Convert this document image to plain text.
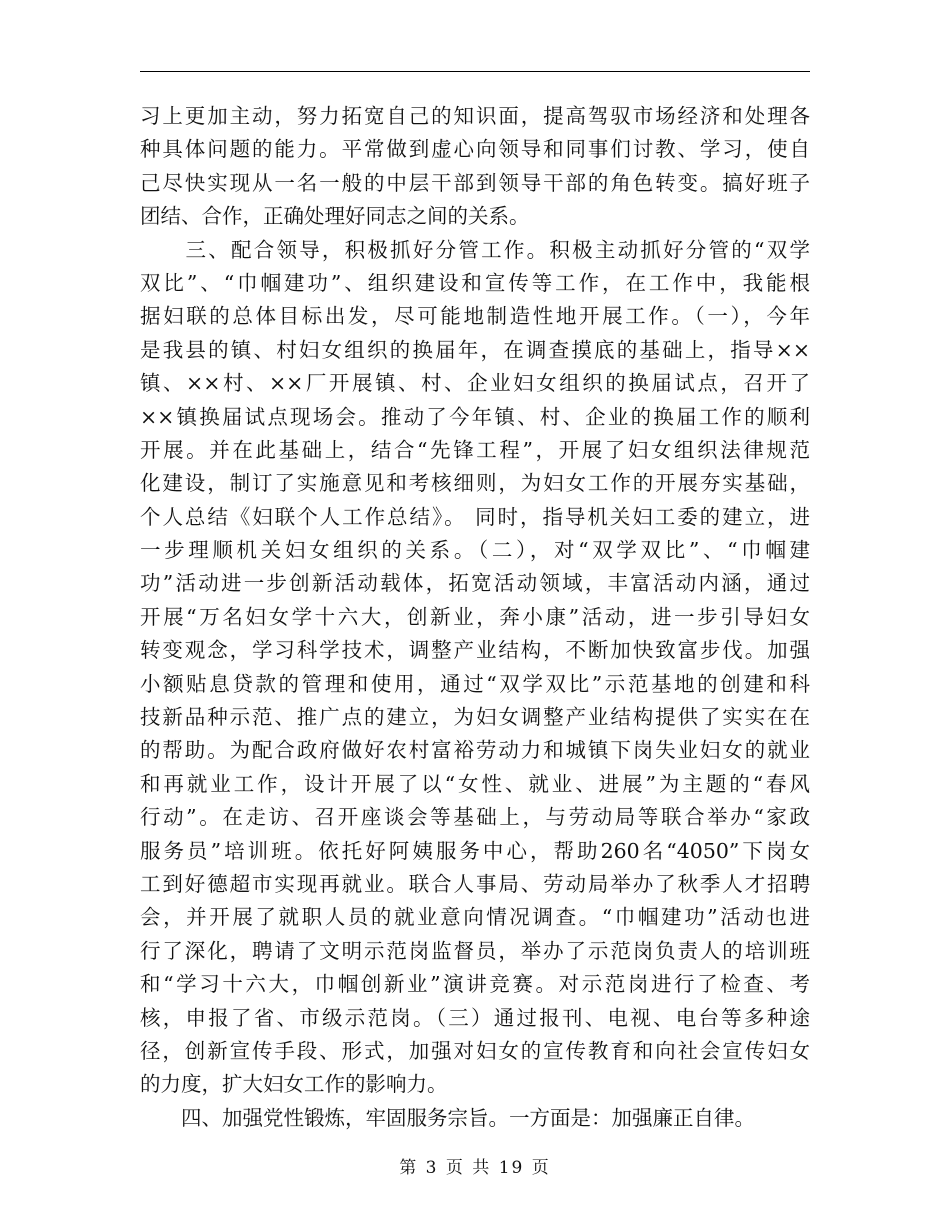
习上更加主动，努力拓宽自己的知识面，提高驾驭市场经济和处理各
种具体问题的能力。平常做到虚心向领导和同事们讨教、学习，使自
己尽快实现从一名一般的中层干部到领导干部的角色转变。搞好班子
团结、合作，正确处理好同志之间的关系。
　　三、配合领导，积极抓好分管工作。积极主动抓好分管的“双学
双比”、“巾帼建功”、组织建设和宣传等工作，在工作中，我能根
据妇联的总体目标出发，尽可能地制造性地开展工作。（一），今年
是我县的镇、村妇女组织的换届年，在调查摸底的基础上，指导××
镇、××村、××厂开展镇、村、企业妇女组织的换届试点，召开了
××镇换届试点现场会。推动了今年镇、村、企业的换届工作的顺利
开展。并在此基础上，结合“先锋工程”，开展了妇女组织法律规范
化建设，制订了实施意见和考核细则，为妇女工作的开展夯实基础，
个人总结《妇联个人工作总结》。 同时，指导机关妇工委的建立，进
一步理顺机关妇女组织的关系。（二），对“双学双比”、“巾帼建
功”活动进一步创新活动载体，拓宽活动领域，丰富活动内涵，通过
开展“万名妇女学十六大，创新业，奔小康”活动，进一步引导妇女
转变观念，学习科学技术，调整产业结构，不断加快致富步伐。加强
小额贴息贷款的管理和使用，通过“双学双比”示范基地的创建和科
技新品种示范、推广点的建立，为妇女调整产业结构提供了实实在在
的帮助。为配合政府做好农村富裕劳动力和城镇下岗失业妇女的就业
和再就业工作，设计开展了以“女性、就业、进展”为主题的“春风
行动”。在走访、召开座谈会等基础上，与劳动局等联合举办“家政
服务员”培训班。依托好阿姨服务中心，帮助260名“4050”下岗女
工到好德超市实现再就业。联合人事局、劳动局举办了秋季人才招聘
会，并开展了就职人员的就业意向情况调查。“巾帼建功”活动也进
行了深化，聘请了文明示范岗监督员，举办了示范岗负责人的培训班
和“学习十六大，巾帼创新业”演讲竞赛。对示范岗进行了检查、考
核，申报了省、市级示范岗。（三）通过报刊、电视、电台等多种途
径，创新宣传手段、形式，加强对妇女的宣传教育和向社会宣传妇女
的力度，扩大妇女工作的影响力。
　　四、加强党性锻炼，牢固服务宗旨。一方面是：加强廉正自律。
第 3 页 共 19 页
